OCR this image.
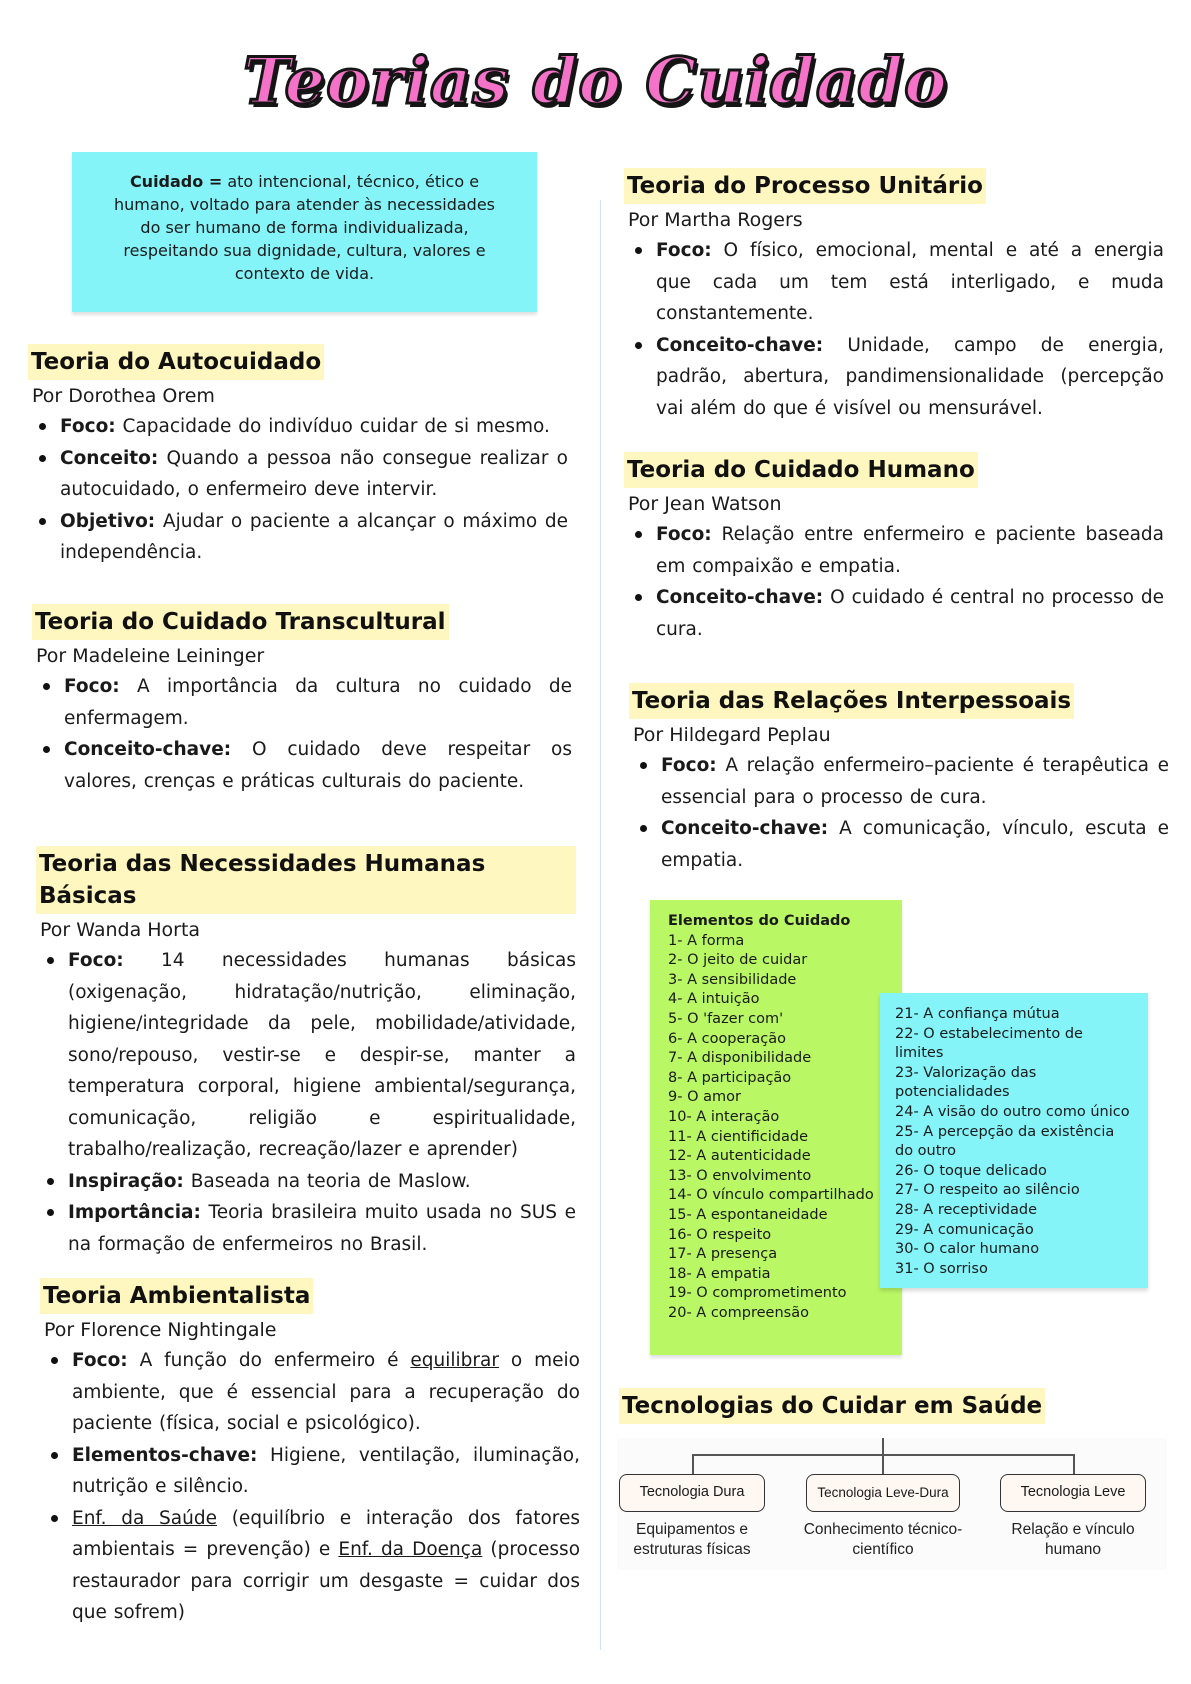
Teorias do Cuidado
Cuidado = ato intencional, técnico, ético e humano, voltado para atender às necessidades do ser humano de forma individualizada, respeitando sua dignidade, cultura, valores e contexto de vida.
Teoria do Autocuidado
Por Dorothea Orem
Foco: Capacidade do indivíduo cuidar de si mesmo.
Conceito: Quando a pessoa não consegue realizar o autocuidado, o enfermeiro deve intervir.
Objetivo: Ajudar o paciente a alcançar o máximo de independência.
Teoria do Cuidado Transcultural
Por Madeleine Leininger
Foco: A importância da cultura no cuidado de enfermagem.
Conceito-chave: O cuidado deve respeitar os valores, crenças e práticas culturais do paciente.
Teoria das Necessidades Humanas Básicas
Por Wanda Horta
Foco: 14 necessidades humanas básicas (oxigenação, hidratação/nutrição, eliminação, higiene/integridade da pele, mobilidade/atividade, sono/repouso, vestir-se e despir-se, manter a temperatura corporal, higiene ambiental/segurança, comunicação, religião e espiritualidade, trabalho/realização, recreação/lazer e aprender)
Inspiração: Baseada na teoria de Maslow.
Importância: Teoria brasileira muito usada no SUS e na formação de enfermeiros no Brasil.
Teoria Ambientalista
Por Florence Nightingale
Foco: A função do enfermeiro é equilibrar o meio ambiente, que é essencial para a recuperação do paciente (física, social e psicológico).
Elementos-chave: Higiene, ventilação, iluminação, nutrição e silêncio.
Enf. da Saúde (equilíbrio e interação dos fatores ambientais = prevenção) e Enf. da Doença (processo restaurador para corrigir um desgaste = cuidar dos que sofrem)
Teoria do Processo Unitário
Por Martha Rogers
Foco: O físico, emocional, mental e até a energia que cada um tem está interligado, e muda constantemente.
Conceito-chave: Unidade, campo de energia, padrão, abertura, pandimensionalidade (percepção vai além do que é visível ou mensurável.
Teoria do Cuidado Humano
Por Jean Watson
Foco: Relação entre enfermeiro e paciente baseada em compaixão e empatia.
Conceito-chave: O cuidado é central no processo de cura.
Teoria das Relações Interpessoais
Por Hildegard Peplau
Foco: A relação enfermeiro–paciente é terapêutica e essencial para o processo de cura.
Conceito-chave: A comunicação, vínculo, escuta e empatia.
Elementos do Cuidado
1- A forma
2- O jeito de cuidar
3- A sensibilidade
4- A intuição
5- O 'fazer com'
6- A cooperação
7- A disponibilidade
8- A participação
9- O amor
10- A interação
11- A cientificidade
12- A autenticidade
13- O envolvimento
14- O vínculo compartilhado
15- A espontaneidade
16- O respeito
17- A presença
18- A empatia
19- O comprometimento
20- A compreensão
21- A confiança mútua
22- O estabelecimento de limites
23- Valorização das potencialidades
24- A visão do outro como único
25- A percepção da existência do outro
26- O toque delicado
27- O respeito ao silêncio
28- A receptividade
29- A comunicação
30- O calor humano
31- O sorriso
Tecnologias do Cuidar em Saúde
Tecnologia Dura	Tecnologia Leve-Dura	Tecnologia Leve
Equipamentos e estruturas físicas
Conhecimento técnico-científico
Relação e vínculo humano
